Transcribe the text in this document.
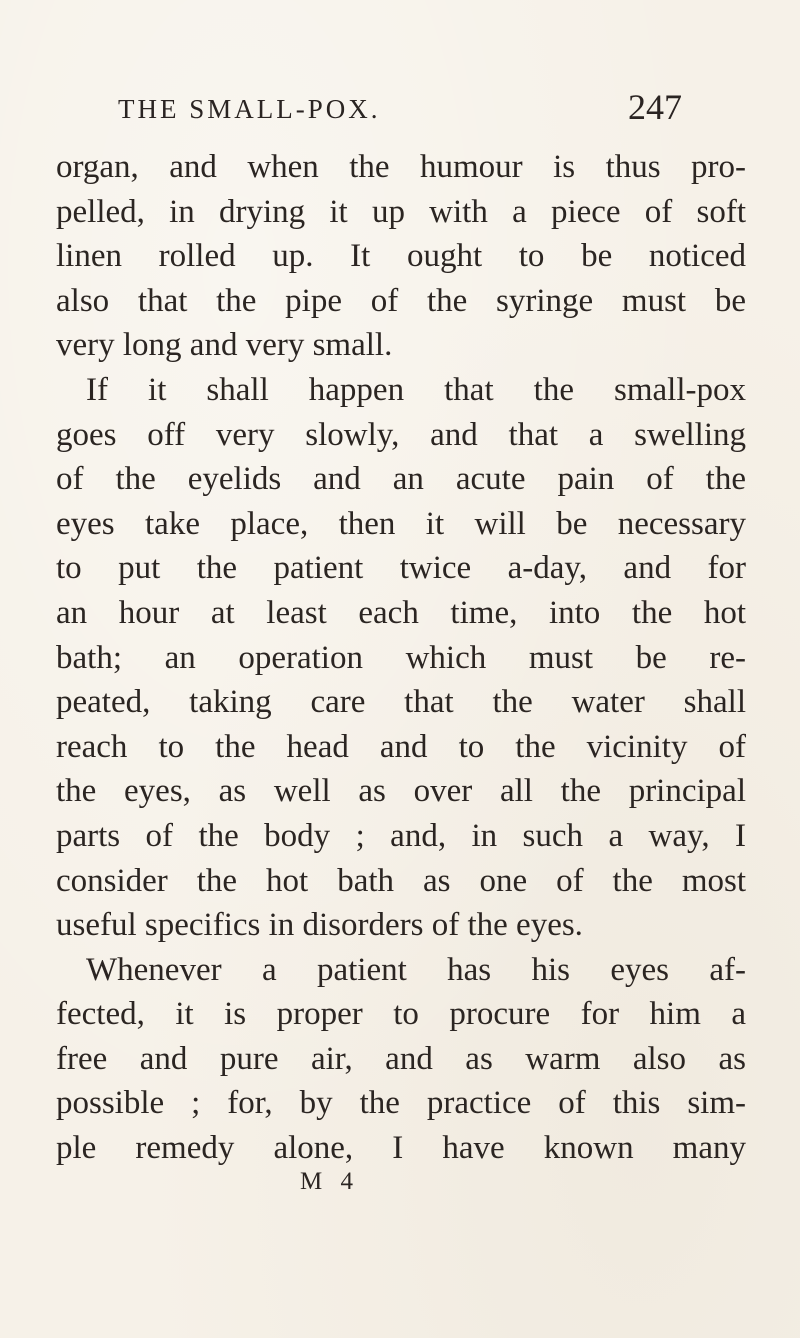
THE SMALL-POX.	247
organ, and when the humour is thus pro-
pelled, in drying it up with a piece of soft
linen rolled up. It ought to be noticed
also that the pipe of the syringe must be
very long and very small.
If it shall happen that the small-pox
goes off very slowly, and that a swelling
of the eyelids and an acute pain of the
eyes take place, then it will be necessary
to put the patient twice a-day, and for
an hour at least each time, into the hot
bath; an operation which must be re-
peated, taking care that the water shall
reach to the head and to the vicinity of
the eyes, as well as over all the principal
parts of the body ; and, in such a way, I
consider the hot bath as one of the most
useful specifics in disorders of the eyes.
Whenever a patient has his eyes af-
fected, it is proper to procure for him a
free and pure air, and as warm also as
possible ; for, by the practice of this sim-
ple remedy alone, I have known many
M 4
